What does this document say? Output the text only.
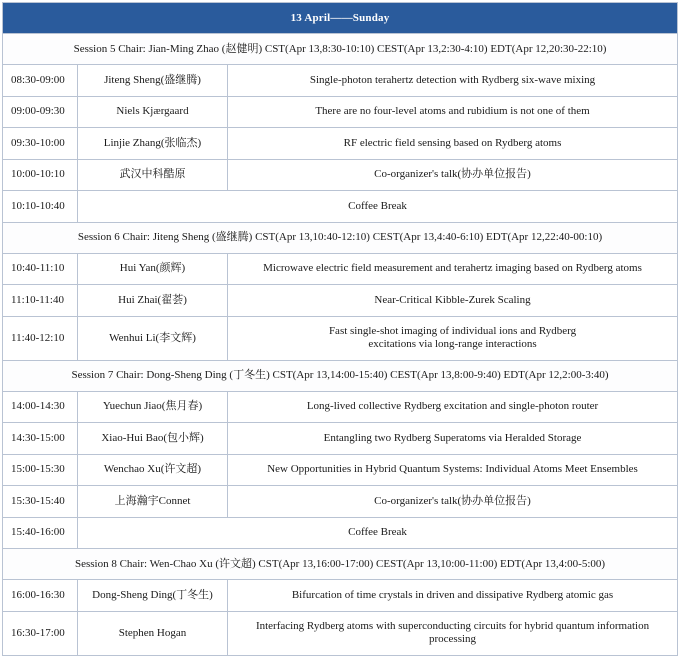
13 April——Sunday		
Session 5 Chair: Jian-Ming Zhao (赵健明) CST(Apr 13,8:30-10:10) CEST(Apr 13,2:30-4:10) EDT(Apr 12,20:30-22:10)		
08:30-09:00	Jiteng Sheng(盛继腾)	Single-photon terahertz detection with Rydberg six-wave mixing
09:00-09:30	Niels Kjærgaard	There are no four-level atoms and rubidium is not one of them
09:30-10:00	Linjie Zhang(张临杰)	RF electric field sensing based on Rydberg atoms
10:00-10:10	武汉中科酷原	Co-organizer's talk(协办单位报告)
10:10-10:40	Coffee Break	
Session 6 Chair: Jiteng Sheng (盛继腾) CST(Apr 13,10:40-12:10) CEST(Apr 13,4:40-6:10) EDT(Apr 12,22:40-00:10)		
10:40-11:10	Hui Yan(颜辉)	Microwave electric field measurement and terahertz imaging based on Rydberg atoms
11:10-11:40	Hui Zhai(翟荟)	Near-Critical Kibble-Zurek Scaling
11:40-12:10	Wenhui Li(李文辉)	Fast single-shot imaging of individual ions and Rydberg
excitations via long-range interactions

Session 7 Chair: Dong-Sheng Ding (丁冬生) CST(Apr 13,14:00-15:40) CEST(Apr 13,8:00-9:40) EDT(Apr 12,2:00-3:40)		
14:00-14:30	Yuechun Jiao(焦月春)	Long-lived collective Rydberg excitation and single-photon router
14:30-15:00	Xiao-Hui Bao(包小辉)	Entangling two Rydberg Superatoms via Heralded Storage
15:00-15:30	Wenchao Xu(许文超)	New Opportunities in Hybrid Quantum Systems: Individual Atoms Meet Ensembles
15:30-15:40	上海瀚宇Connet	Co-organizer's talk(协办单位报告)
15:40-16:00	Coffee Break	
Session 8 Chair: Wen-Chao Xu (许文超) CST(Apr 13,16:00-17:00) CEST(Apr 13,10:00-11:00) EDT(Apr 13,4:00-5:00)		
16:00-16:30	Dong-Sheng Ding(丁冬生)	Bifurcation of time crystals in driven and dissipative Rydberg atomic gas
16:30-17:00	Stephen Hogan	Interfacing Rydberg atoms with superconducting circuits for hybrid quantum information
processing
